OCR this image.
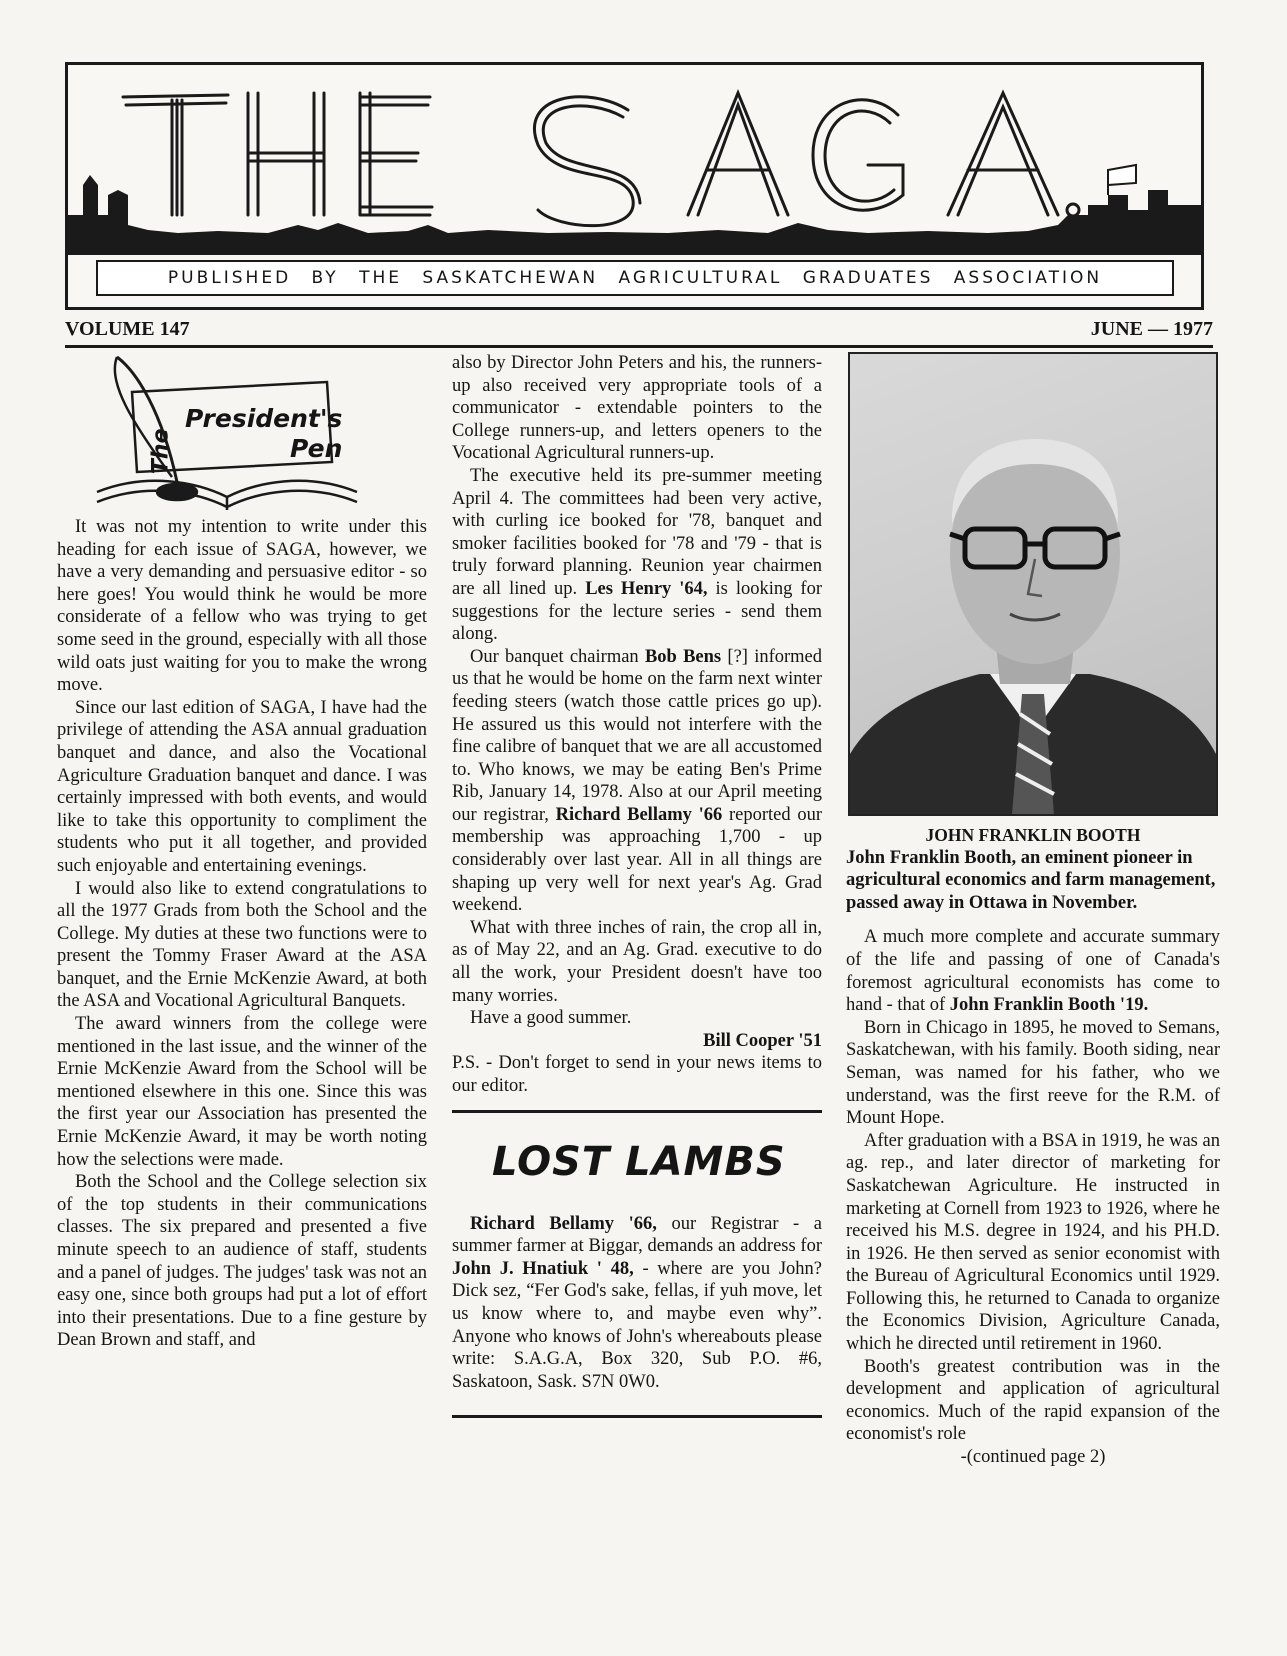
PUBLISHED BY THE SASKATCHEWAN AGRICULTURAL GRADUATES ASSOCIATION
VOLUME 147	JUNE — 1977
President's
Pen
The

It was not my intention to write under this heading for each issue of SAGA, however, we have a very demanding and persuasive editor - so here goes! You would think he would be more considerate of a fellow who was trying to get some seed in the ground, especially with all those wild oats just waiting for you to make the wrong move.

Since our last edition of SAGA, I have had the privilege of attending the ASA annual graduation banquet and dance, and also the Vocational Agriculture Graduation banquet and dance. I was certainly impressed with both events, and would like to take this opportunity to compliment the students who put it all together, and provided such enjoyable and entertaining evenings.

I would also like to extend congratulations to all the 1977 Grads from both the School and the College. My duties at these two functions were to present the Tommy Fraser Award at the ASA banquet, and the Ernie McKenzie Award, at both the ASA and Vocational Agricultural Banquets.

The award winners from the college were mentioned in the last issue, and the winner of the Ernie McKenzie Award from the School will be mentioned elsewhere in this one. Since this was the first year our Association has presented the Ernie McKenzie Award, it may be worth noting how the selections were made.

Both the School and the College selection six of the top students in their communications classes. The six prepared and presented a five minute speech to an audience of staff, students and a panel of judges. The judges' task was not an easy one, since both groups had put a lot of effort into their presentations. Due to a fine gesture by Dean Brown and staff, and

also by Director John Peters and his, the runners-up also received very appropriate tools of a communicator - extendable pointers to the College runners-up, and letters openers to the Vocational Agricultural runners-up.

The executive held its pre-summer meeting April 4. The committees had been very active, with curling ice booked for '78, banquet and smoker facilities booked for '78 and '79 - that is truly forward planning. Reunion year chairmen are all lined up. Les Henry '64, is looking for suggestions for the lecture series - send them along.

Our banquet chairman Bob Bens [?] informed us that he would be home on the farm next winter feeding steers (watch those cattle prices go up). He assured us this would not interfere with the fine calibre of banquet that we are all accustomed to. Who knows, we may be eating Ben's Prime Rib, January 14, 1978. Also at our April meeting our registrar, Richard Bellamy '66 reported our membership was approaching 1,700 - up considerably over last year. All in all things are shaping up very well for next year's Ag. Grad weekend.

What with three inches of rain, the crop all in, as of May 22, and an Ag. Grad. executive to do all the work, your President doesn't have too many worries.

Have a good summer.

Bill Cooper '51

P.S. - Don't forget to send in your news items to our editor.

LOST LAMBS

Richard Bellamy '66, our Registrar - a summer farmer at Biggar, demands an address for John J. Hnatiuk ' 48, - where are you John? Dick sez, “Fer God's sake, fellas, if yuh move, let us know where to, and maybe even why”. Anyone who knows of John's whereabouts please write: S.A.G.A, Box 320, Sub P.O. #6, Saskatoon, Sask. S7N 0W0.

JOHN FRANKLIN BOOTH

John Franklin Booth, an eminent pioneer in agricultural economics and farm management, passed away in Ottawa in November.

A much more complete and accurate summary of the life and passing of one of Canada's foremost agricultural economists has come to hand - that of John Franklin Booth '19.

Born in Chicago in 1895, he moved to Semans, Saskatchewan, with his family. Booth siding, near Seman, was named for his father, who we understand, was the first reeve for the R.M. of Mount Hope.

After graduation with a BSA in 1919, he was an ag. rep., and later director of marketing for Saskatchewan Agriculture. He instructed in marketing at Cornell from 1923 to 1926, where he received his M.S. degree in 1924, and his PH.D. in 1926. He then served as senior economist with the Bureau of Agricultural Economics until 1929. Following this, he returned to Canada to organize the Economics Division, Agriculture Canada, which he directed until retirement in 1960.

Booth's greatest contribution was in the development and application of agricultural economics. Much of the rapid expansion of the economist's role

-(continued page 2)
